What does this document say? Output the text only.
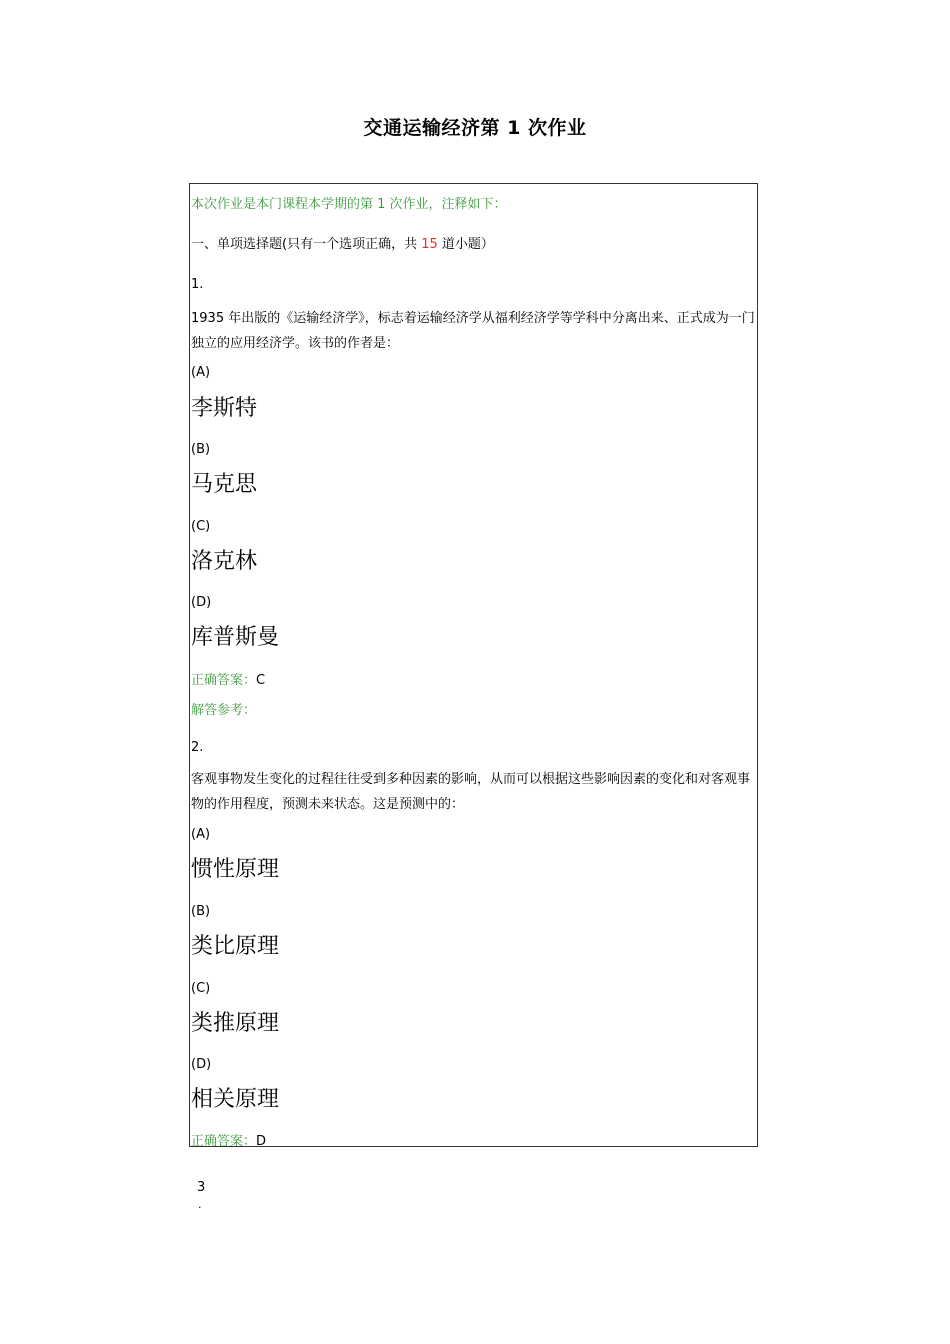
交通运输经济第 1 次作业
本次作业是本门课程本学期的第 1 次作业，注释如下：
一、单项选择题(只有一个选项正确，共 15 道小题）
1.
1935 年出版的《运输经济学》，标志着运输经济学从福利经济学等学科中分离出来、正式成为一门独立的应用经济学。该书的作者是：
(A)
李斯特
(B)
马克思
(C)
洛克林
(D)
库普斯曼
正确答案：C
解答参考：
2.
客观事物发生变化的过程往往受到多种因素的影响，从而可以根据这些影响因素的变化和对客观事物的作用程度，预测未来状态。这是预测中的：
(A)
惯性原理
(B)
类比原理
(C)
类推原理
(D)
相关原理
正确答案：D
3
.
